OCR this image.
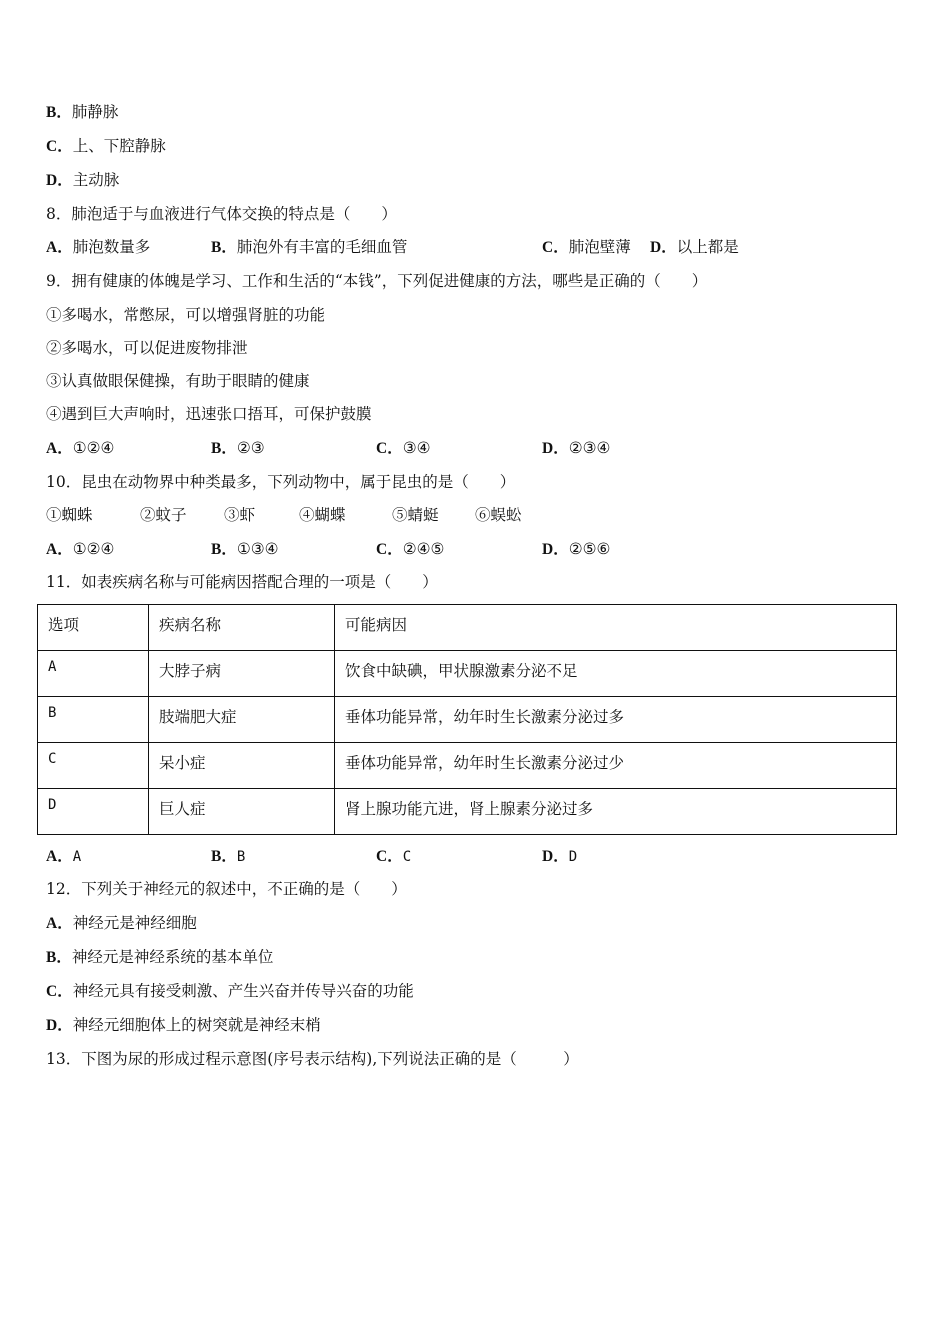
B．肺静脉
C．上、下腔静脉
D．主动脉
8．肺泡适于与血液进行气体交换的特点是（　　）
A．肺泡数量多	B．肺泡外有丰富的毛细血管	C．肺泡壁薄 D．以上都是
9．拥有健康的体魄是学习、工作和生活的“本钱”，下列促进健康的方法，哪些是正确的（　　）
①多喝水，常憋尿，可以增强肾脏的功能
②多喝水，可以促进废物排泄
③认真做眼保健操，有助于眼睛的健康
④遇到巨大声响时，迅速张口捂耳，可保护鼓膜
A．①②④	B．②③	C．③④	D．②③④
10．昆虫在动物界中种类最多，下列动物中，属于昆虫的是（　　）
①蜘蛛	②蚊子 ③虾	④蝴蝶	⑤蜻蜓 ⑥蜈蚣
A．①②④	B．①③④	C．②④⑤	D．②⑤⑥
11．如表疾病名称与可能病因搭配合理的一项是（　　）
选项	疾病名称	可能病因
A	大脖子病	饮食中缺碘，甲状腺激素分泌不足
B	肢端肥大症	垂体功能异常，幼年时生长激素分泌过多
C	呆小症	垂体功能异常，幼年时生长激素分泌过少
D	巨人症	肾上腺功能亢进，肾上腺素分泌过多
A．A	B．B	C．C	D．D
12．下列关于神经元的叙述中，不正确的是（　　）
A．神经元是神经细胞
B．神经元是神经系统的基本单位
C．神经元具有接受刺激、产生兴奋并传导兴奋的功能
D．神经元细胞体上的树突就是神经末梢
13．下图为尿的形成过程示意图(序号表示结构),下列说法正确的是（　　　）
